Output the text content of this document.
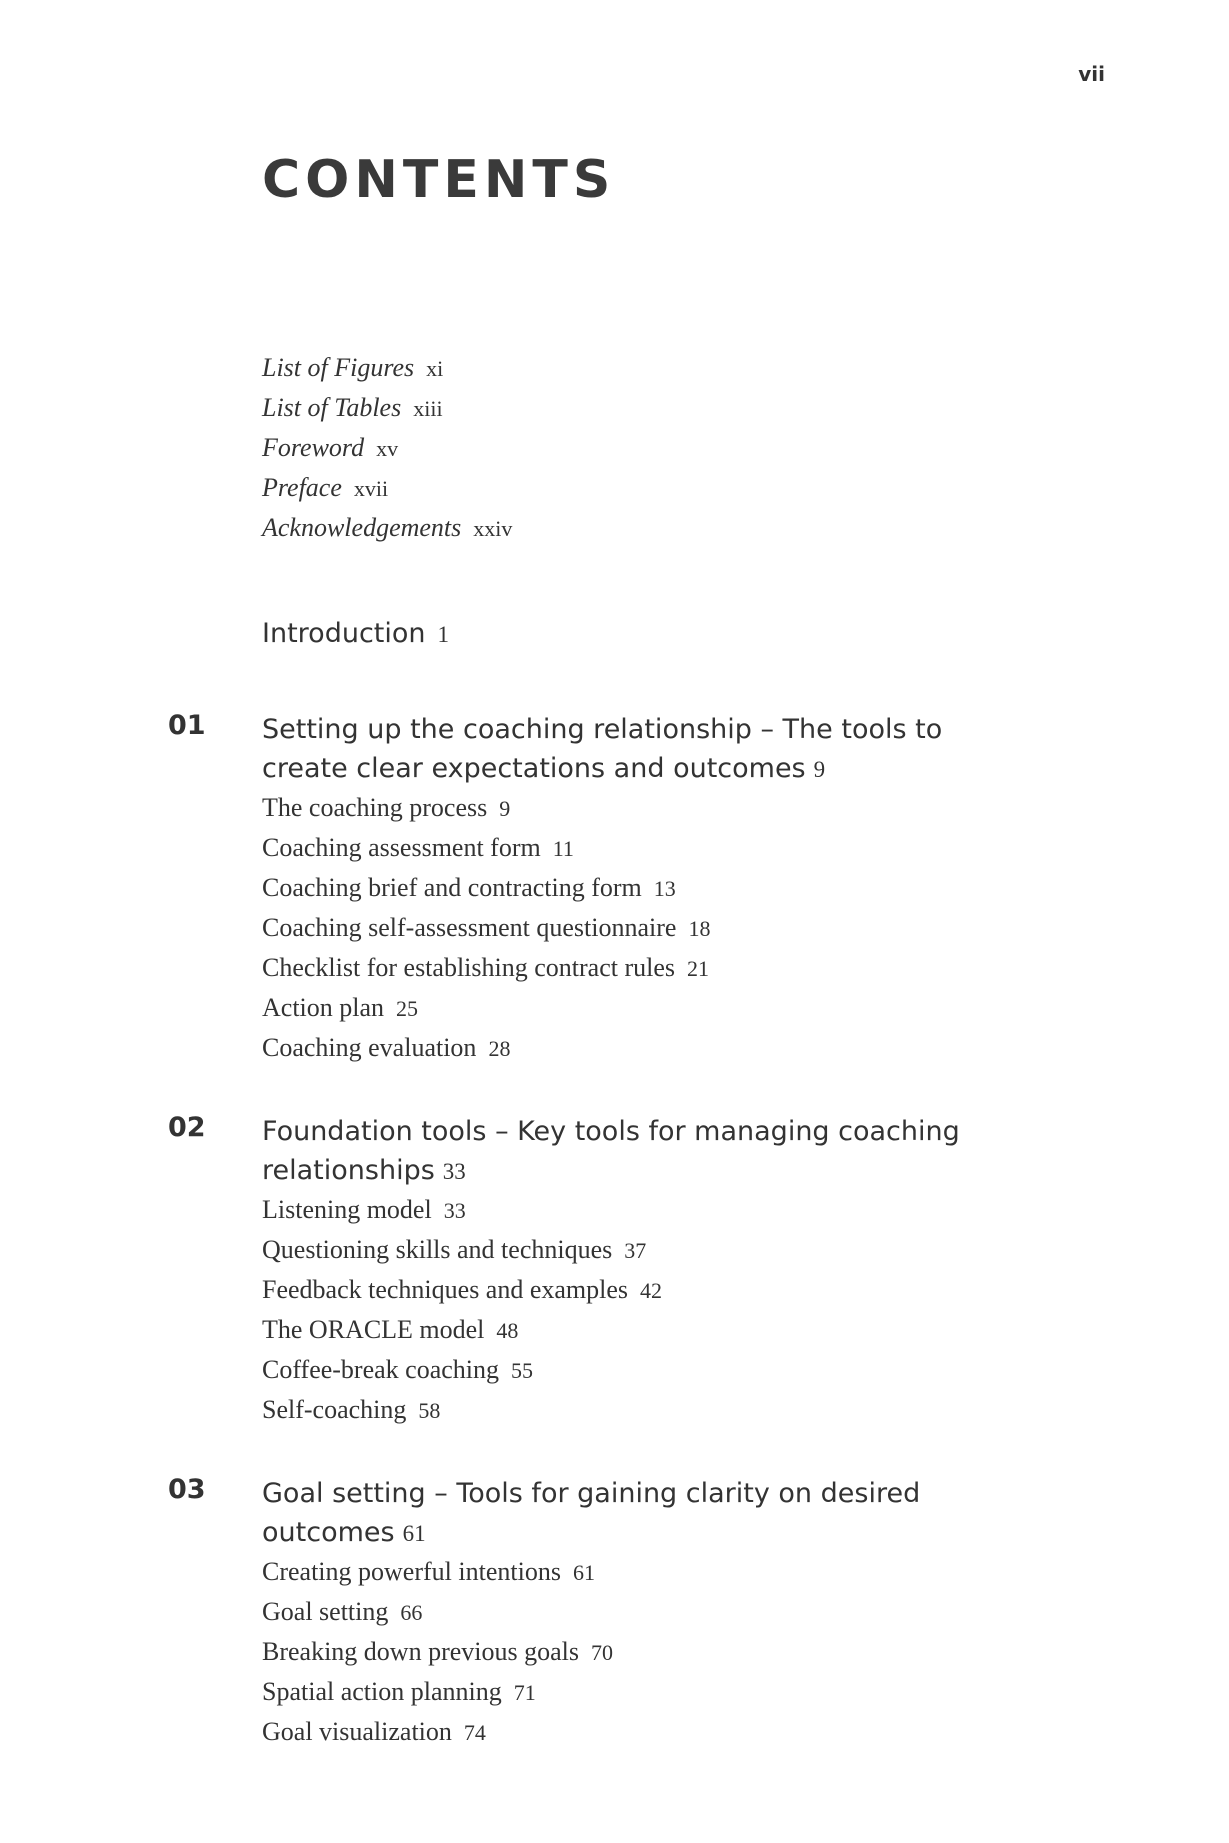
vii
CONTENTS
List of Figures xi
List of Tables xiii
Foreword xv
Preface xvii
Acknowledgements xxiv
Introduction 1
01 Setting up the coaching relationship – The tools to create clear expectations and outcomes 9
The coaching process 9
Coaching assessment form 11
Coaching brief and contracting form 13
Coaching self-assessment questionnaire 18
Checklist for establishing contract rules 21
Action plan 25
Coaching evaluation 28
02 Foundation tools – Key tools for managing coaching relationships 33
Listening model 33
Questioning skills and techniques 37
Feedback techniques and examples 42
The ORACLE model 48
Coffee-break coaching 55
Self-coaching 58
03 Goal setting – Tools for gaining clarity on desired outcomes 61
Creating powerful intentions 61
Goal setting 66
Breaking down previous goals 70
Spatial action planning 71
Goal visualization 74
